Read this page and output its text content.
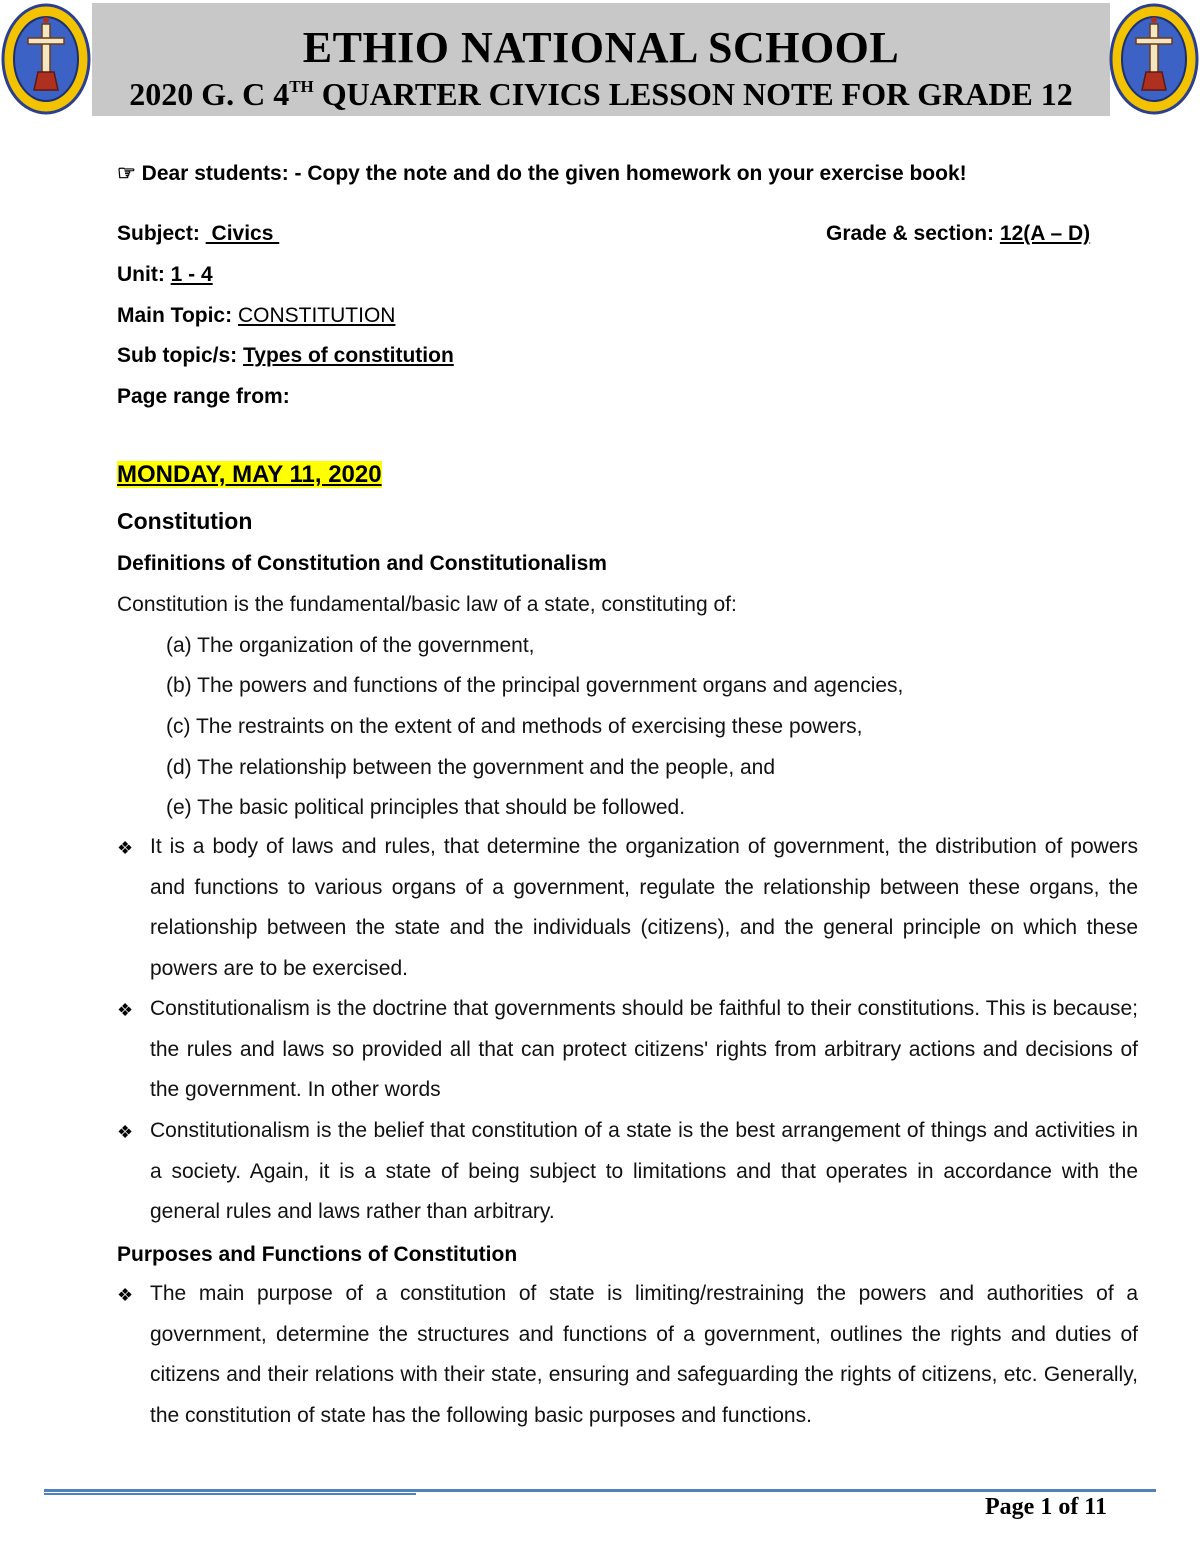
ETHIO NATIONAL SCHOOL
2020 G. C 4TH QUARTER CIVICS LESSON NOTE FOR GRADE 12
☞ Dear students: - Copy the note and do the given homework on your exercise book!
Subject:  Civics	Grade & section: 12(A – D)
Unit: 1 - 4
Main Topic: CONSTITUTION
Sub topic/s: Types of constitution
Page range from:
MONDAY, MAY 11, 2020
Constitution
Definitions of Constitution and Constitutionalism
Constitution is the fundamental/basic law of a state, constituting of:
(a) The organization of the government,
(b) The powers and functions of the principal government organs and agencies,
(c) The restraints on the extent of and methods of exercising these powers,
(d) The relationship between the government and the people, and
(e) The basic political principles that should be followed.
❖ It is a body of laws and rules, that determine the organization of government, the distribution of powers and functions to various organs of a government, regulate the relationship between these organs, the relationship between the state and the individuals (citizens), and the general principle on which these powers are to be exercised.
❖ Constitutionalism is the doctrine that governments should be faithful to their constitutions. This is because; the rules and laws so provided all that can protect citizens' rights from arbitrary actions and decisions of the government. In other words
❖ Constitutionalism is the belief that constitution of a state is the best arrangement of things and activities in a society. Again, it is a state of being subject to limitations and that operates in accordance with the general rules and laws rather than arbitrary.
Purposes and Functions of Constitution
❖ The main purpose of a constitution of state is limiting/restraining the powers and authorities of a government, determine the structures and functions of a government, outlines the rights and duties of citizens and their relations with their state, ensuring and safeguarding the rights of citizens, etc. Generally, the constitution of state has the following basic purposes and functions.
Page 1 of 11
